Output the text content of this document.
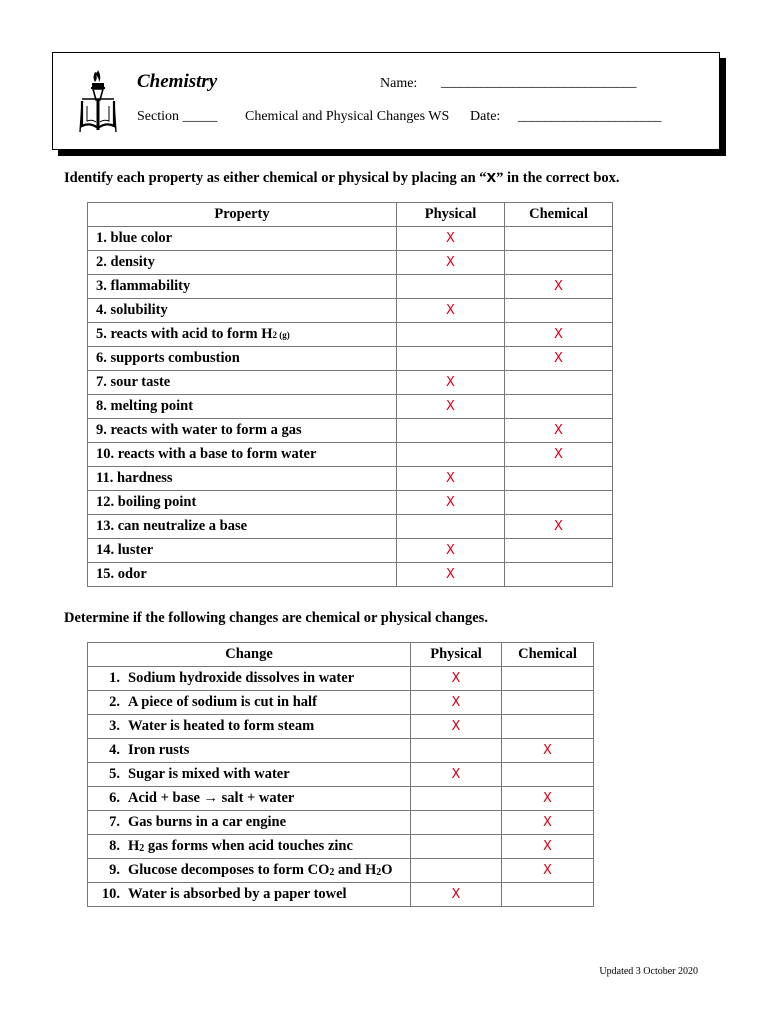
Chemistry	Name: ______________________________
Section _____ Chemical and Physical Changes WS Date: ______________________
Identify each property as either chemical or physical by placing an “X” in the correct box.
Property	Physical	Chemical
1. blue color	X	
2. density	X	
3. flammability		X
4. solubility	X	
5. reacts with acid to form H2 (g)		X
6. supports combustion		X
7. sour taste	X	
8. melting point	X	
9. reacts with water to form a gas		X
10. reacts with a base to form water		X
11. hardness	X	
12. boiling point	X	
13. can neutralize a base		X
14. luster	X	
15. odor	X	
Determine if the following changes are chemical or physical changes.
Change	Physical	Chemical
1. Sodium hydroxide dissolves in water	X	
2. A piece of sodium is cut in half	X	
3. Water is heated to form steam	X	
4. Iron rusts		X
5. Sugar is mixed with water	X	
6. Acid + base → salt + water		X
7. Gas burns in a car engine		X
8. H2 gas forms when acid touches zinc		X
9. Glucose decomposes to form CO2 and H2O		X
10. Water is absorbed by a paper towel	X	
Updated 3 October 2020
